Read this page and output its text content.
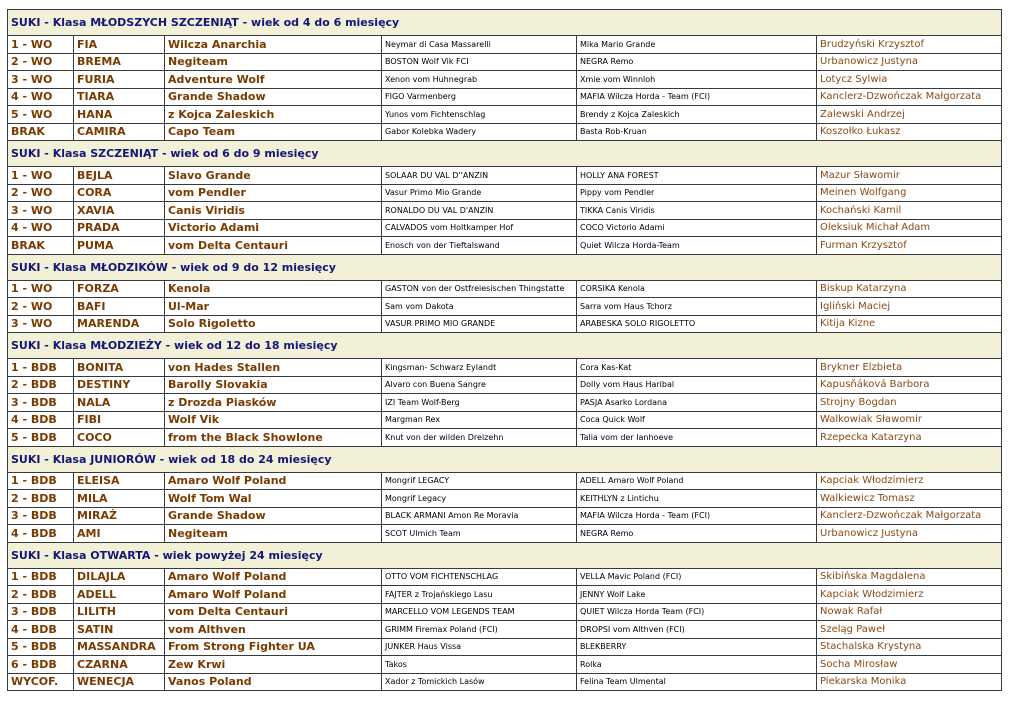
SUKI - Klasa MŁODSZYCH SZCZENIĄT - wiek od 4 do 6 miesięcy					
1 - WO	FIA	Wilcza Anarchia	Neymar di Casa Massarelli	Mika Mario Grande	Brudzyński Krzysztof
2 - WO	BREMA	Negiteam	BOSTON Wolf Vik FCI	NEGRA Remo	Urbanowicz Justyna
3 - WO	FURIA	Adventure Wolf	Xenon vom Huhnegrab	Xmie vom Winnloh	Lotycz Sylwia
4 - WO	TIARA	Grande Shadow	FIGO Varmenberg	MAFIA Wilcza Horda - Team (FCI)	Kanclerz-Dzwończak Małgorzata
5 - WO	HANA	z Kojca Zaleskich	Yunos vom Fichtenschlag	Brendy z Kojca Zaleskich	Zalewski Andrzej
BRAK	CAMIRA	Capo Team	Gabor Kolebka Wadery	Basta Rob-Kruan	Koszołko Łukasz
SUKI - Klasa SZCZENIĄT - wiek od 6 do 9 miesięcy					
1 - WO	BEJLA	Slavo Grande	SOLAAR DU VAL D''ANZIN	HOLLY ANA FOREST	Mazur Sławomir
2 - WO	CORA	vom Pendler	Vasur Primo Mio Grande	Pippy vom Pendler	Meinen Wolfgang
3 - WO	XAVIA	Canis Viridis	RONALDO DU VAL D'ANZIN	TIKKA Canis Viridis	Kochański Kamil
4 - WO	PRADA	Victorio Adami	CALVADOS vom Holtkamper Hof	COCO Victorio Adami	Oleksiuk Michał Adam
BRAK	PUMA	vom Delta Centauri	Enosch von der Tieftalswand	Quiet Wilcza Horda-Team	Furman Krzysztof
SUKI - Klasa MŁODZIKÓW - wiek od 9 do 12 miesięcy					
1 - WO	FORZA	Kenola	GASTON von der Ostfreiesischen Thingstatte	CORSIKA Kenola	Biskup Katarzyna
2 - WO	BAFI	Ul-Mar	Sam vom Dakota	Sarra vom Haus Tchorz	Igliński Maciej
3 - WO	MARENDA	Solo Rigoletto	VASUR PRIMO MIO GRANDE	ARABESKA SOLO RIGOLETTO	Kitija Kizne
SUKI - Klasa MŁODZIEŻY - wiek od 12 do 18 miesięcy					
1 - BDB	BONITA	von Hades Stallen	Kingsman- Schwarz Eylandt	Cora Kas-Kat	Brykner Elzbieta
2 - BDB	DESTINY	Barolly Slovakia	Alvaro con Buena Sangre	Dolly vom Haus Haribal	Kapusňáková Barbora
3 - BDB	NALA	z Drozda Piasków	IZI Team Wolf-Berg	PASJA Asarko Lordana	Strojny Bogdan
4 - BDB	FIBI	Wolf Vik	Margman Rex	Coca Quick Wolf	Walkowiak Sławomir
5 - BDB	COCO	from the Black Showlone	Knut von der wilden Dreizehn	Talia vom der Ianhoeve	Rzepecka Katarzyna
SUKI - Klasa JUNIORÓW - wiek od 18 do 24 miesięcy					
1 - BDB	ELEISA	Amaro Wolf Poland	Mongrif LEGACY	ADELL Amaro Wolf Poland	Kapciak Włodzimierz
2 - BDB	MILA	Wolf Tom Wal	Mongrif Legacy	KEITHLYN z Lintichu	Walkiewicz Tomasz
3 - BDB	MIRAŻ	Grande Shadow	BLACK ARMANI Amon Re Moravia	MAFIA Wilcza Horda - Team (FCI)	Kanclerz-Dzwończak Małgorzata
4 - BDB	AMI	Negiteam	SCOT Ulmich Team	NEGRA Remo	Urbanowicz Justyna
SUKI - Klasa OTWARTA - wiek powyżej 24 miesięcy					
1 - BDB	DILAJLA	Amaro Wolf Poland	OTTO VOM FICHTENSCHLAG	VELLA Mavic Poland (FCI)	Skibińska Magdalena
2 - BDB	ADELL	Amaro Wolf Poland	FAJTER z Trojańskiego Lasu	JENNY Wolf Lake	Kapciak Włodzimierz
3 - BDB	LILITH	vom Delta Centauri	MARCELLO VOM LEGENDS TEAM	QUIET Wilcza Horda Team (FCI)	Nowak Rafał
4 - BDB	SATIN	vom Althven	GRIMM Firemax Poland (FCI)	DROPSI vom Althven (FCI)	Szeląg Paweł
5 - BDB	MASSANDRA	From Strong Fighter UA	JUNKER Haus Vissa	BLEKBERRY	Stachalska Krystyna
6 - BDB	CZARNA	Zew Krwi	Takos	Rolka	Socha Mirosław
WYCOF.	WENECJA	Vanos Poland	Xador z Tomickich Lasów	Felina Team Ulmental	Piekarska Monika
